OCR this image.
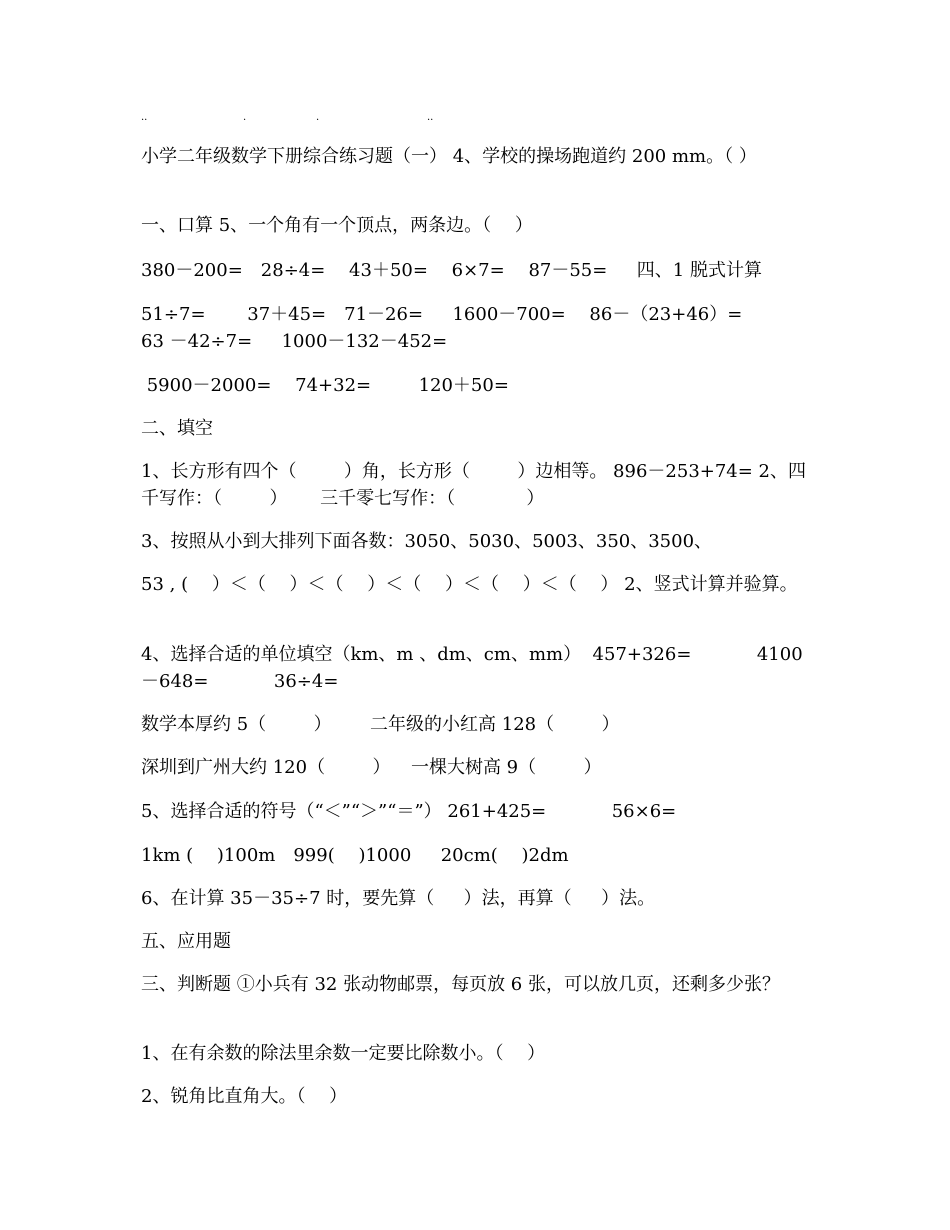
..	.	.	..
小学二年级数学下册综合练习题（一） 4、学校的操场跑道约 200 mm。（ ）
一、口算 5、一个角有一个顶点，两条边。（　 ）
380－200=　28÷4=　 43＋50=　 6×7=　 87－55=　  四、1 脱式计算
51÷7=　 　37＋45=　71－26=　  1600－700=　 86－（23+46）=　 　　 63 －42÷7=　  1000－132－452=
5900－2000=　 74+32=　 　 120＋50=
二、填空
1、长方形有四个（　 　 ）角，长方形（　 　 ）边相等。 896－253+74= 2、四千写作：（　 　 ）　 　三千零七写作：（　 　 　 ）
3、按照从小到大排列下面各数：3050、5030、5003、350、3500、
53 , (　 ）＜（　 ）＜（　 ）＜（　 ）＜（　 ）＜（　 ） 2、竖式计算并验算。
4、选择合适的单位填空（km、m 、dm、cm、mm）  457+326=　 　　 4100 －648=　 　　 36÷4=
数学本厚约 5（　 　 ）　 　 二年级的小红高 128（　 　 ）
深圳到广州大约 120（　 　 ）　  一棵大树高 9（　 　 ）
5、选择合适的符号（“＜”“＞”“＝”） 261+425=　 　 　56×6=
1km (　 )100m　999(　 )1000　  20cm(　 )2dm
6、在计算 35－35÷7 时，要先算（　  ）法，再算（　  ）法。
五、应用题
三、判断题 ①小兵有 32 张动物邮票，每页放 6 张，可以放几页，还剩多少张？
1、在有余数的除法里余数一定要比除数小。（　 ）
2、锐角比直角大。（　 ）
